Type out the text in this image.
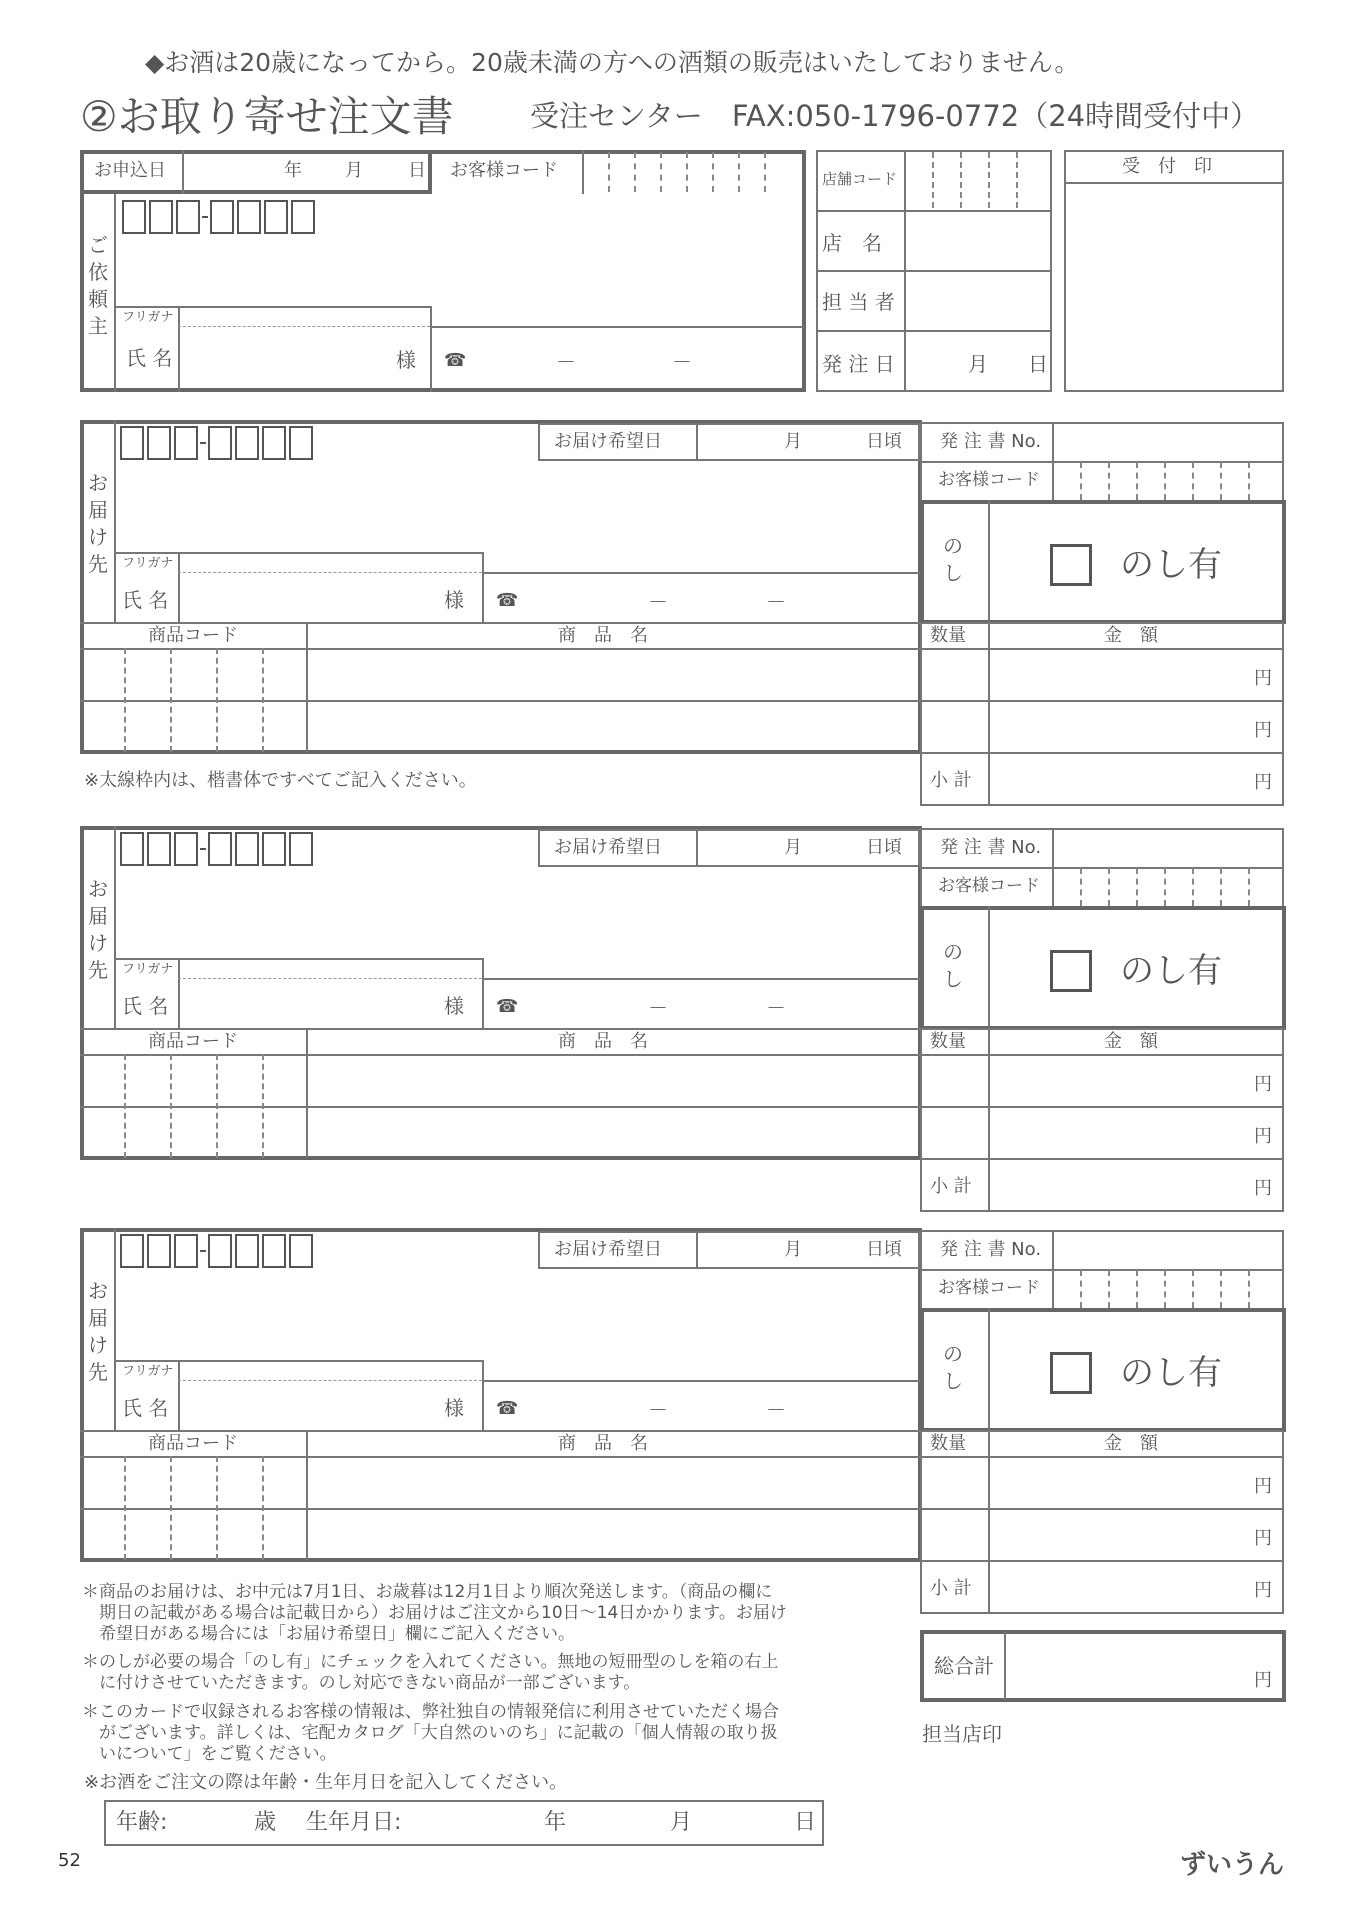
◆お酒は20歳になってから。20歳未満の方への酒類の販売はいたしておりません。
②お取り寄せ注文書	受注センター　FAX:050-1796-0772（24時間受付中）
お申込日	年 月	日 お客様コード
ご依頼主 フリガナ
氏 名	様 ☎	－	－
店舗コード
店　名
担 当 者
発 注 日	月 日
受　付　印
お届け先
お届け希望日	月	日頃
フリガナ
氏 名	様 ☎	－	－
商品コード	商　品　名
発 注 書 No.
お客様コード
のし	のし有
数量	金　額
円
円
小 計	円
※太線枠内は、楷書体ですべてご記入ください。
お届け先
お届け希望日	月	日頃
フリガナ
氏 名	様 ☎	－	－
商品コード	商　品　名
発 注 書 No.
お客様コード
のし	のし有
数量	金　額
円
円
小 計	円
お届け先
お届け希望日	月	日頃
フリガナ
氏 名	様 ☎	－	－
商品コード	商　品　名
発 注 書 No.
お客様コード
のし	のし有
数量	金　額
円
円
小 計	円
＊商品のお届けは、お中元は7月1日、お歳暮は12月1日より順次発送します。（商品の欄に
　期日の記載がある場合は記載日から）お届けはご注文から10日～14日かかります。お届け
　希望日がある場合には「お届け希望日」欄にご記入ください。
＊のしが必要の場合「のし有」にチェックを入れてください。無地の短冊型のしを箱の右上
　に付けさせていただきます。のし対応できない商品が一部ございます。
＊このカードで収録されるお客様の情報は、弊社独自の情報発信に利用させていただく場合
　がございます。詳しくは、宅配カタログ「大自然のいのち」に記載の「個人情報の取り扱
　いについて」をご覧ください。
※お酒をご注文の際は年齢・生年月日を記入してください。
年齢:	歳 生年月日:	年	月	日
総合計
円
担当店印
52	ずいうん
